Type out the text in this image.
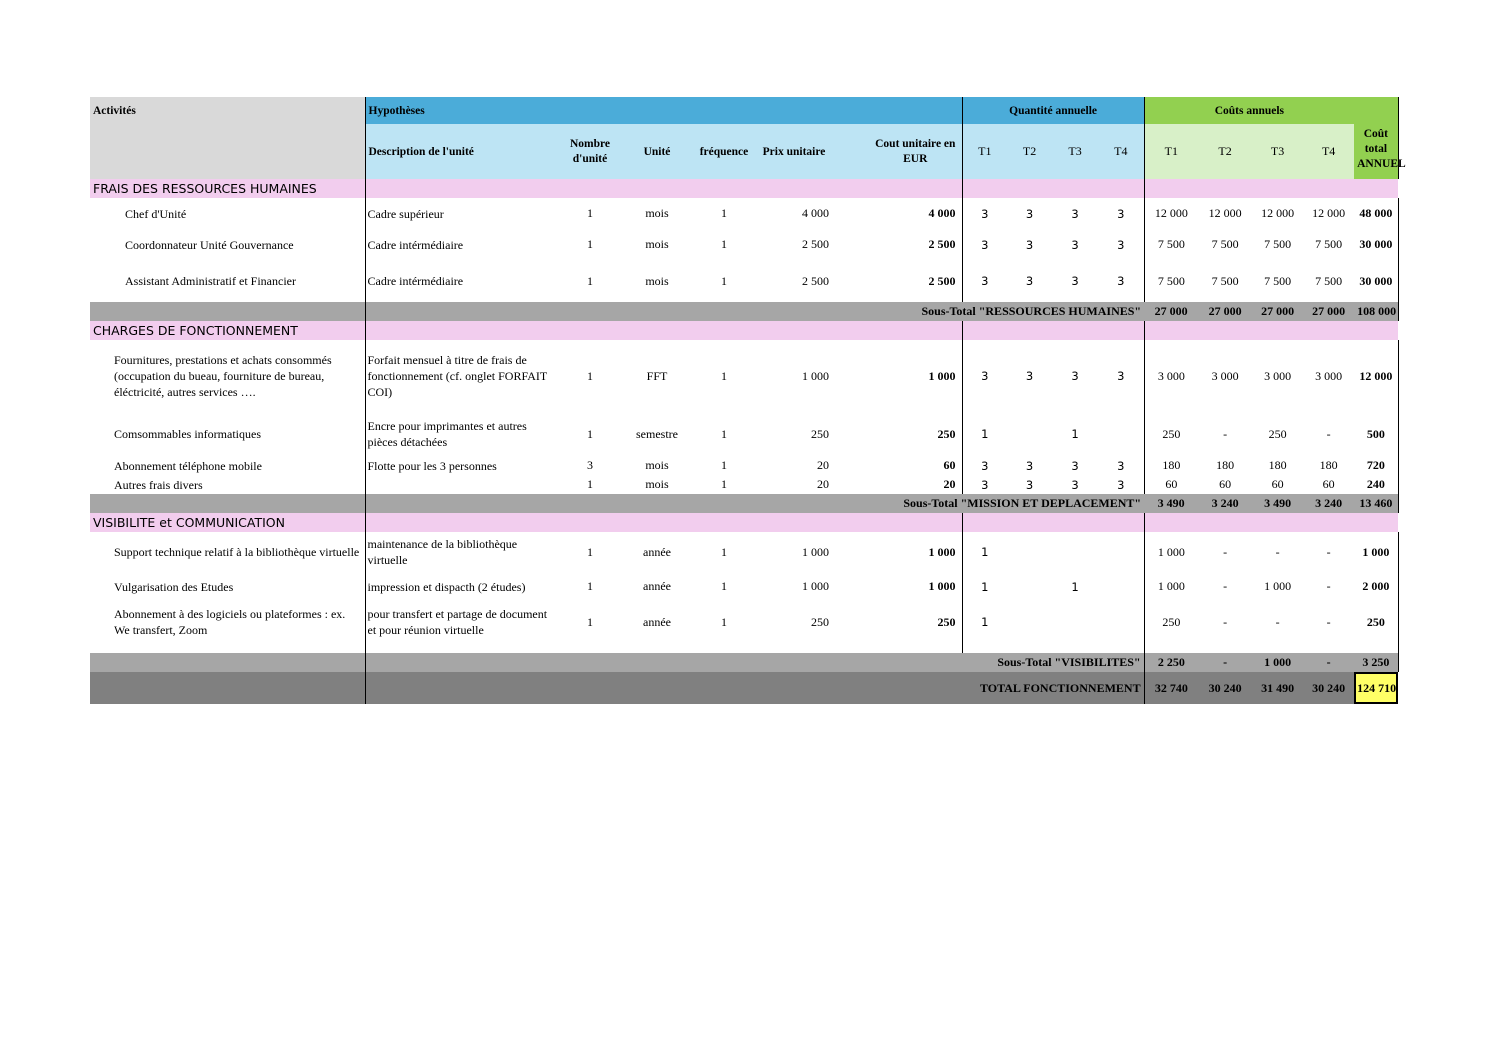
Activités	Hypothèses						Quantité annuelle				Coûts annuels				Coût total ANNUEL
	Description de l'unité	Nombre d'unité	Unité	fréquence	Prix unitaire	Cout unitaire en EUR	T1	T2	T3	T4	T1	T2	T3	T4	
FRAIS DES RESSOURCES HUMAINES															
Chef d'Unité	Cadre supérieur	1	mois	1	4 000	4 000	3	3	3	3	12 000	12 000	12 000	12 000	48 000
Coordonnateur Unité Gouvernance	Cadre intérmédiaire	1	mois	1	2 500	2 500	3	3	3	3	7 500	7 500	7 500	7 500	30 000
Assistant Administratif et Financier	Cadre intérmédiaire	1	mois	1	2 500	2 500	3	3	3	3	7 500	7 500	7 500	7 500	30 000
	Sous-Total "RESSOURCES HUMAINES"										27 000	27 000	27 000	27 000	108 000
CHARGES DE FONCTIONNEMENT															
Fournitures, prestations et achats consommés (occupation du bueau, fourniture de bureau, éléctricité, autres services ….	Forfait mensuel à titre de frais de fonctionnement (cf. onglet FORFAIT COI)	1	FFT	1	1 000	1 000	3	3	3	3	3 000	3 000	3 000	3 000	12 000
Comsommables informatiques	Encre pour imprimantes et autres pièces détachées	1	semestre	1	250	250	1		1		250	-	250	-	500
Abonnement téléphone mobile	Flotte pour les 3 personnes	3	mois	1	20	60	3	3	3	3	180	180	180	180	720
Autres frais divers		1	mois	1	20	20	3	3	3	3	60	60	60	60	240
	Sous-Total "MISSION ET DEPLACEMENT"										3 490	3 240	3 490	3 240	13 460
VISIBILITE et COMMUNICATION															
Support technique relatif à la bibliothèque virtuelle	maintenance de la bibliothèque virtuelle	1	année	1	1 000	1 000	1				1 000	-	-	-	1 000
Vulgarisation des Etudes	impression et dispacth (2 études)	1	année	1	1 000	1 000	1		1		1 000	-	1 000	-	2 000
Abonnement à des logiciels ou plateformes : ex. We transfert, Zoom	pour transfert et partage de document et pour réunion virtuelle	1	année	1	250	250	1				250	-	-	-	250

	Sous-Total "VISIBILITES"										2 250	-	1 000	-	3 250
	TOTAL FONCTIONNEMENT										32 740	30 240	31 490	30 240	124 710
